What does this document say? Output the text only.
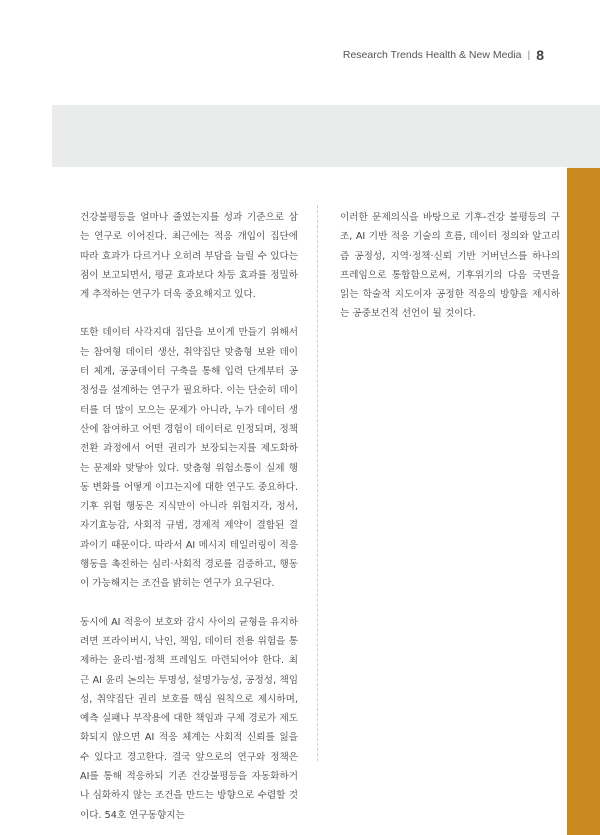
Research Trends Health & New Media | 8

건강불평등을 얼마나 줄였는지를 성과 기준으로 삼는 연구로 이어진다. 최근에는 적응 개입이 집단에 따라 효과가 다르거나 오히려 부담을 늘릴 수 있다는 점이 보고되면서, 평균 효과보다 차등 효과를 정밀하게 추적하는 연구가 더욱 중요해지고 있다.

또한 데이터 사각지대 집단을 보이게 만들기 위해서는 참여형 데이터 생산, 취약집단 맞춤형 보완 데이터 체계, 공공데이터 구축을 통해 입력 단계부터 공정성을 설계하는 연구가 필요하다. 이는 단순히 데이터를 더 많이 모으는 문제가 아니라, 누가 데이터 생산에 참여하고 어떤 경험이 데이터로 인정되며, 정책 전환 과정에서 어떤 권리가 보장되는지를 제도화하는 문제와 맞닿아 있다. 맞춤형 위험소통이 실제 행동 변화를 어떻게 이끄는지에 대한 연구도 중요하다. 기후 위험 행동은 지식만이 아니라 위험지각, 정서, 자기효능감, 사회적 규범, 경제적 제약이 결합된 결과이기 때문이다. 따라서 AI 메시지 테일러링이 적응 행동을 촉진하는 심리·사회적 경로를 검증하고, 행동이 가능해지는 조건을 밝히는 연구가 요구된다.

동시에 AI 적응이 보호와 감시 사이의 균형을 유지하려면 프라이버시, 낙인, 책임, 데이터 전용 위험을 통제하는 윤리·법·정책 프레임도 마련되어야 한다. 최근 AI 윤리 논의는 투명성, 설명가능성, 공정성, 책임성, 취약집단 권리 보호를 핵심 원칙으로 제시하며, 예측 실패나 부작용에 대한 책임과 구제 경로가 제도화되지 않으면 AI 적응 체계는 사회적 신뢰를 잃을 수 있다고 경고한다. 결국 앞으로의 연구와 정책은 AI를 통해 적응하되 기존 건강불평등을 자동화하거나 심화하지 않는 조건을 만드는 방향으로 수렴할 것이다. 54호 연구동향지는

이러한 문제의식을 바탕으로 기후-건강 불평등의 구조, AI 기반 적응 기술의 흐름, 데이터 정의와 알고리즘 공정성, 지역·정책·신뢰 기반 거버넌스를 하나의 프레임으로 통합함으로써, 기후위기의 다음 국면을 읽는 학술적 지도이자 공정한 적응의 방향을 제시하는 공중보건적 선언이 될 것이다.
